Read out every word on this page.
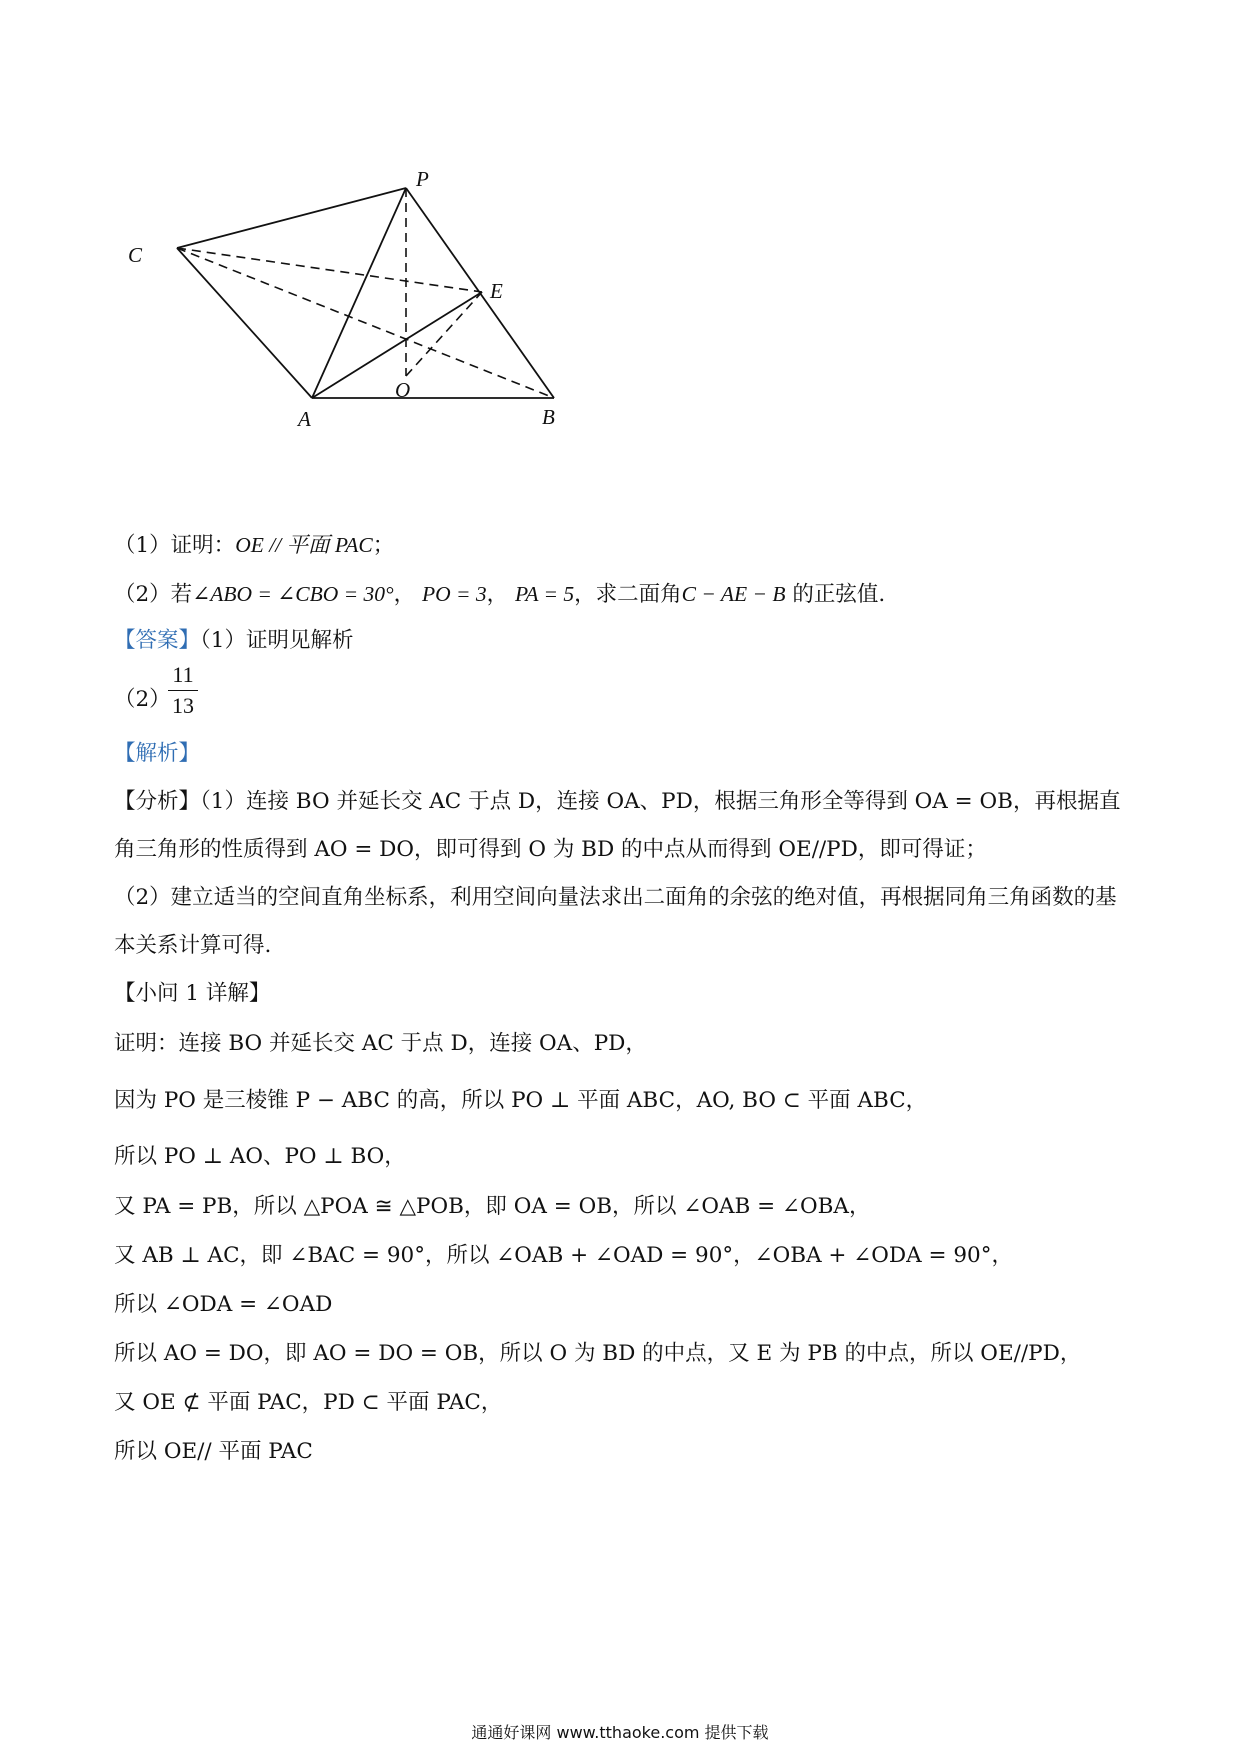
P
C
E
O
A	B
（1）证明：OE // 平面 PAC；
（2）若∠ABO = ∠CBO = 30°， PO = 3， PA = 5，求二面角C − AE − B 的正弦值.
【答案】（1）证明见解析
（2）
11
13
【解析】
【分析】（1）连接 BO 并延长交 AC 于点 D，连接 OA、PD，根据三角形全等得到 OA = OB，再根据直
角三角形的性质得到 AO = DO，即可得到 O 为 BD 的中点从而得到 OE//PD，即可得证；
（2）建立适当的空间直角坐标系，利用空间向量法求出二面角的余弦的绝对值，再根据同角三角函数的基
本关系计算可得.
【小问 1 详解】
证明：连接 BO 并延长交 AC 于点 D，连接 OA、PD，
因为 PO 是三棱锥 P − ABC 的高，所以 PO ⊥ 平面 ABC，AO, BO ⊂ 平面 ABC，
所以 PO ⊥ AO、PO ⊥ BO，
又 PA = PB，所以 △POA ≅ △POB，即 OA = OB，所以 ∠OAB = ∠OBA，
又 AB ⊥ AC，即 ∠BAC = 90°，所以 ∠OAB + ∠OAD = 90°，∠OBA + ∠ODA = 90°，
所以 ∠ODA = ∠OAD
所以 AO = DO，即 AO = DO = OB，所以 O 为 BD 的中点，又 E 为 PB 的中点，所以 OE//PD，
又 OE ⊄ 平面 PAC，PD ⊂ 平面 PAC，
所以 OE// 平面 PAC
通通好课网 www.tthaoke.com 提供下载
